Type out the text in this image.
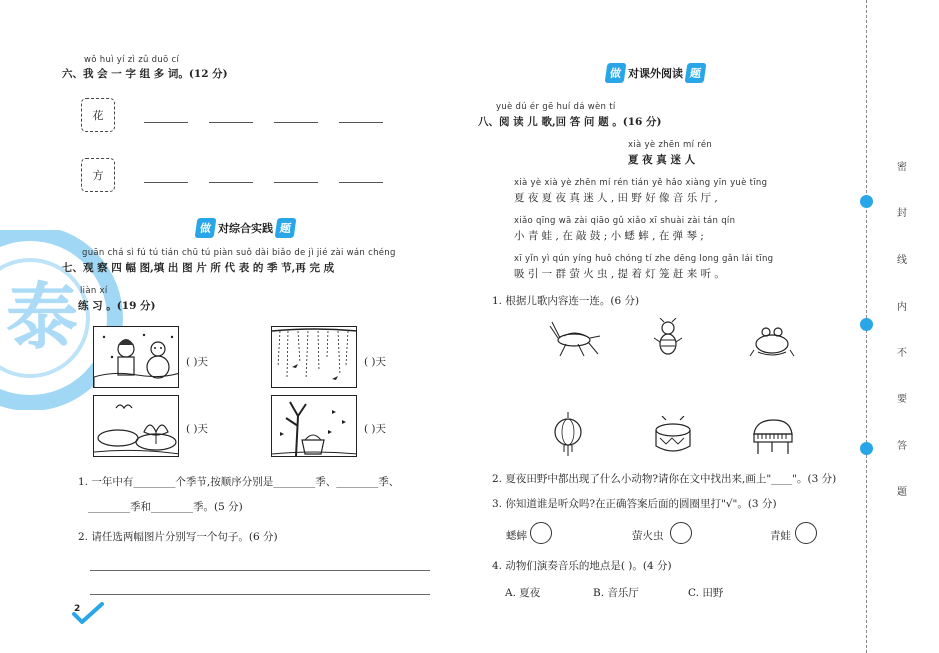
泰
wǒ huì yí zì zǔ duō cí
六、我 会 一 字 组 多 词。(12 分)
花
方
做 对综合实践 题
guān chá sì fú tú tián chū tú piàn suǒ dài biǎo de jì jié zài wán chéng
七、观 察 四 幅 图,填 出 图 片 所 代 表 的 季 节,再 完 成
liàn xí
练 习 。(19 分)
( )天	( )天
( )天	( )天
1. 一年中有________个季节,按顺序分别是________季、________季、
________季和________季。(5 分)
2. 请任选两幅图片分别写一个句子。(6 分)
2
做 对课外阅读 题
yuè dú ér gē huí dá wèn tí
八、阅 读 儿 歌,回 答 问 题 。(16 分)
xià yè zhēn mí rén
夏 夜 真 迷 人
xià yè xià yè zhēn mí rén tián yě hǎo xiàng yīn yuè tīng
夏 夜 夏 夜 真 迷 人 , 田 野 好 像 音 乐 厅 ,
xiǎo qīng wā zài qiāo gǔ xiǎo xī shuài zài tán qín
小 青 蛙 , 在 敲 鼓 ; 小 蟋 蟀 , 在 弹 琴 ;
xī yǐn yì qún yíng huǒ chóng tí zhe dēng long gǎn lái tīng
吸 引 一 群 萤 火 虫 , 提 着 灯 笼 赶 来 听 。
1. 根据儿歌内容连一连。(6 分)
2. 夏夜田野中都出现了什么小动物?请你在文中找出来,画上"____"。(3 分)
3. 你知道谁是听众吗?在正确答案后面的圆圈里打"√"。(3 分)
蟋蟀	萤火虫	青蛙
4. 动物们演奏音乐的地点是( )。(4 分)
A. 夏夜	B. 音乐厅	C. 田野
密
封
线
内
不
要
答
题
